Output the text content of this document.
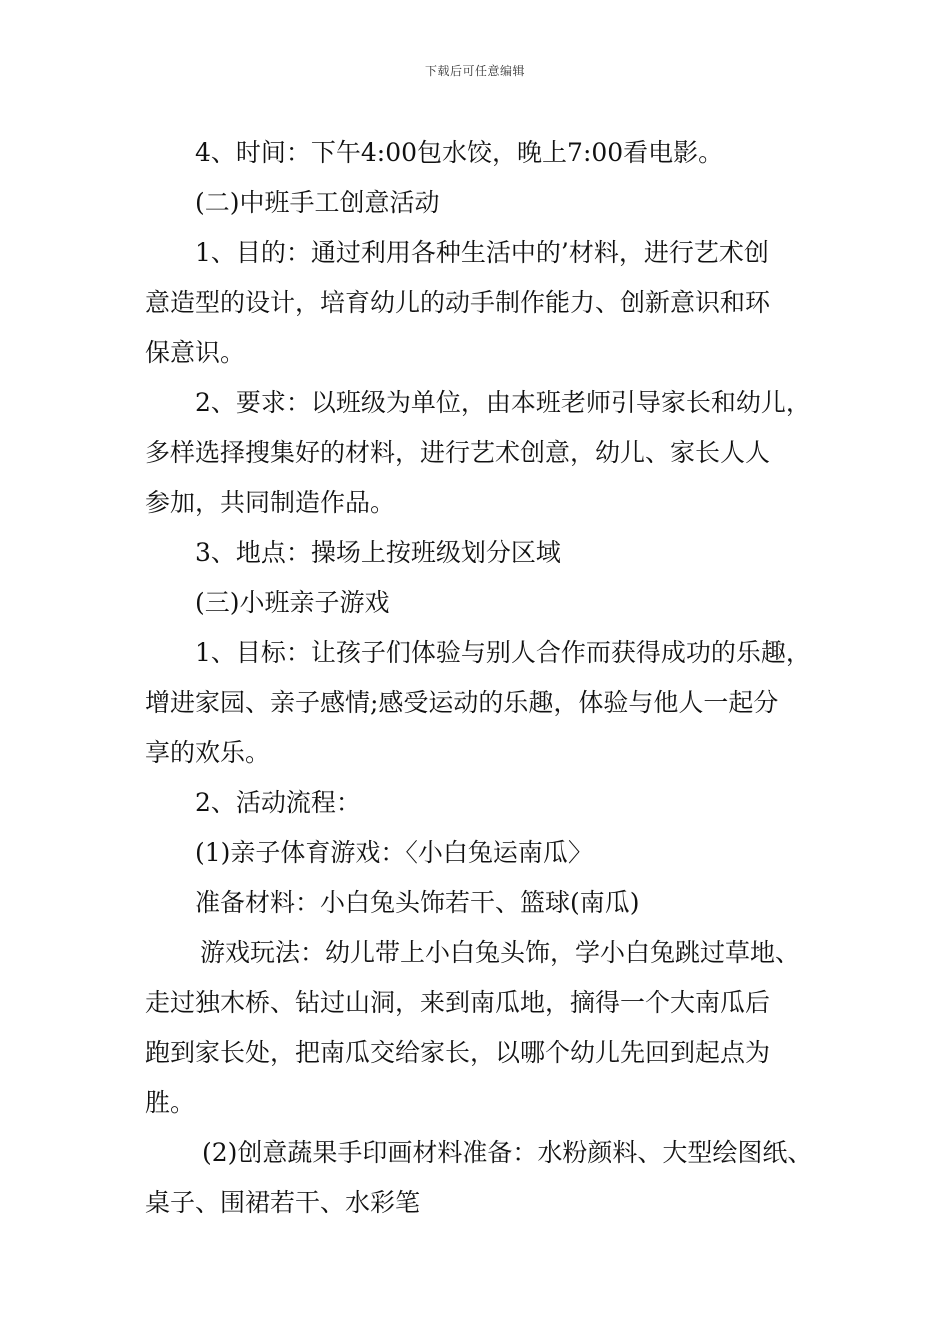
下载后可任意编辑

4、时间：下午4:00包水饺，晚上7:00看电影。

(二)中班手工创意活动

1、目的：通过利用各种生活中的’材料，进行艺术创

意造型的设计，培育幼儿的动手制作能力、创新意识和环

保意识。

2、要求：以班级为单位，由本班老师引导家长和幼儿，

多样选择搜集好的材料，进行艺术创意，幼儿、家长人人

参加，共同制造作品。

3、地点：操场上按班级划分区域

(三)小班亲子游戏

1、目标：让孩子们体验与别人合作而获得成功的乐趣，

增进家园、亲子感情;感受运动的乐趣，体验与他人一起分

享的欢乐。

2、活动流程：

(1)亲子体育游戏：〈小白兔运南瓜〉

准备材料：小白兔头饰若干、篮球(南瓜)

游戏玩法：幼儿带上小白兔头饰，学小白兔跳过草地、

走过独木桥、钻过山洞，来到南瓜地，摘得一个大南瓜后

跑到家长处，把南瓜交给家长，以哪个幼儿先回到起点为

胜。

(2)创意蔬果手印画材料准备：水粉颜料、大型绘图纸、

桌子、围裙若干、水彩笔
